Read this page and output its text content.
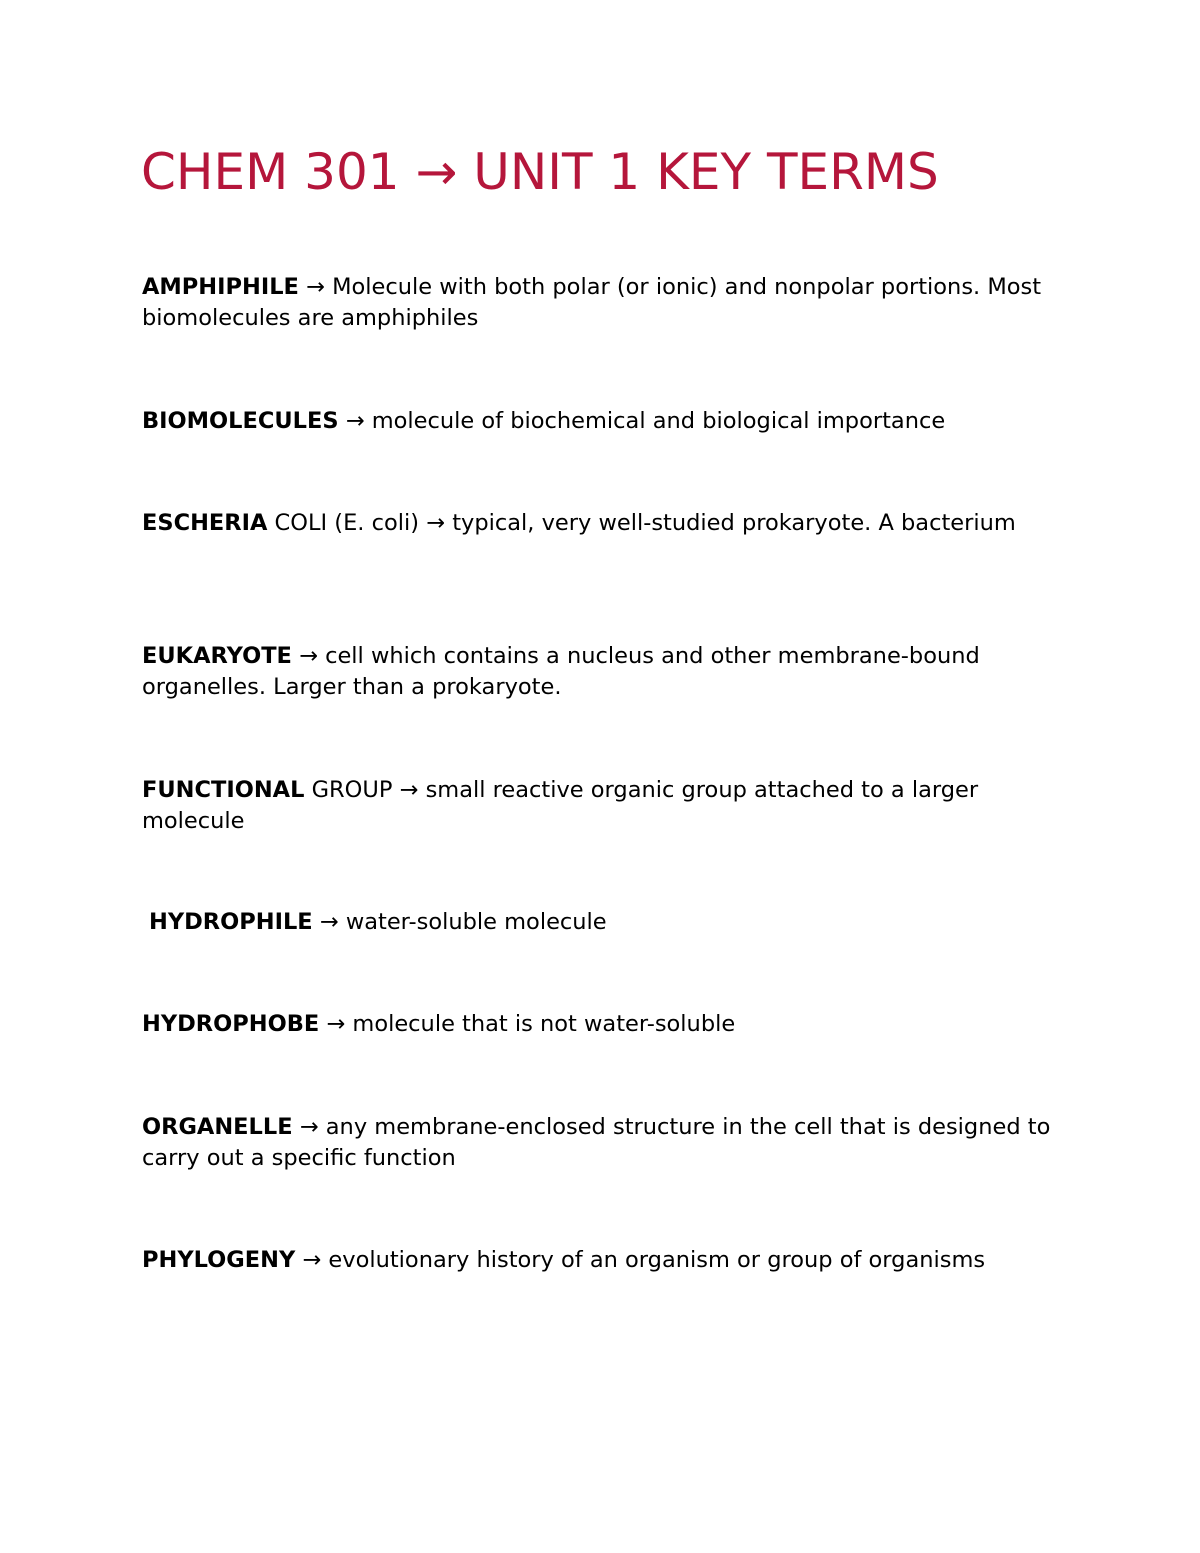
CHEM 301 → UNIT 1 KEY TERMS

AMPHIPHILE → Molecule with both polar (or ionic) and nonpolar portions. Most biomolecules are amphiphiles

BIOMOLECULES → molecule of biochemical and biological importance

ESCHERIA COLI (E. coli) → typical, very well-studied prokaryote. A bacterium

EUKARYOTE → cell which contains a nucleus and other membrane-bound organelles. Larger than a prokaryote.

FUNCTIONAL GROUP → small reactive organic group attached to a larger molecule

HYDROPHILE → water-soluble molecule

HYDROPHOBE → molecule that is not water-soluble

ORGANELLE → any membrane-enclosed structure in the cell that is designed to carry out a specific function

PHYLOGENY → evolutionary history of an organism or group of organisms
